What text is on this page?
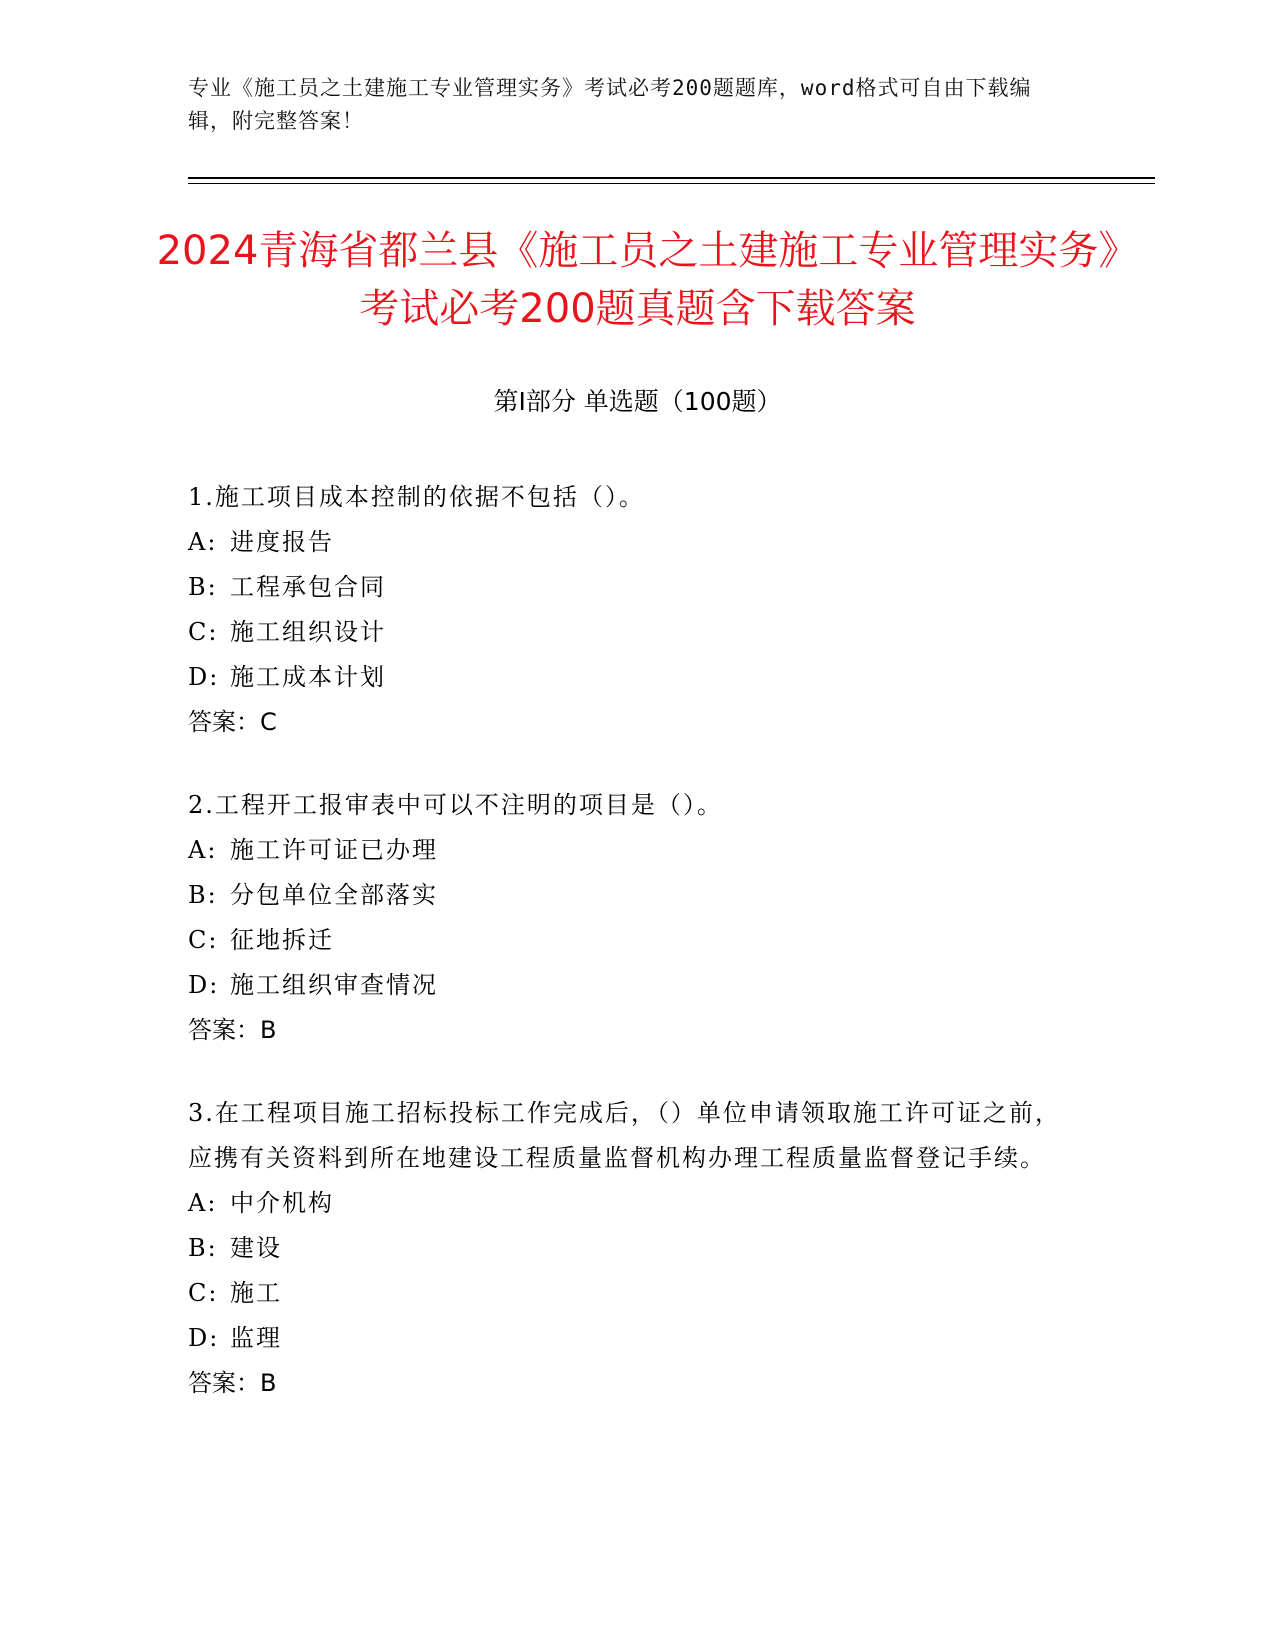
专业《施工员之土建施工专业管理实务》考试必考200题题库，word格式可自由下载编辑，附完整答案！
2024青海省都兰县《施工员之土建施工专业管理实务》考试必考200题真题含下载答案
第Ⅰ部分 单选题（100题）

1.施工项目成本控制的依据不包括（）。

A: 进度报告

B: 工程承包合同

C: 施工组织设计

D: 施工成本计划

答案：C

2.工程开工报审表中可以不注明的项目是（）。

A: 施工许可证已办理

B: 分包单位全部落实

C: 征地拆迁

D: 施工组织审查情况

答案：B

3.在工程项目施工招标投标工作完成后，（）单位申请领取施工许可证之前，应携有关资料到所在地建设工程质量监督机构办理工程质量监督登记手续。

A: 中介机构

B: 建设

C: 施工

D: 监理

答案：B
